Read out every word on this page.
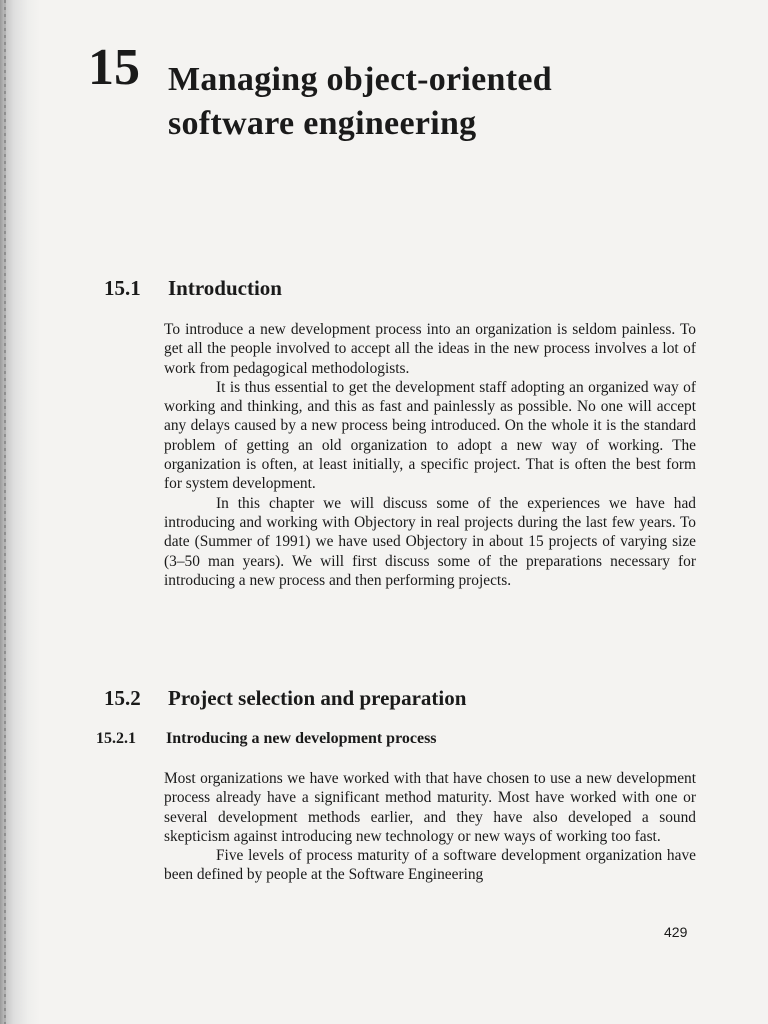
15 Managing object-oriented
software engineering
15.1 Introduction

To introduce a new development process into an organization is seldom painless. To get all the people involved to accept all the ideas in the new process involves a lot of work from pedagogical methodologists.

It is thus essential to get the development staff adopting an organized way of working and thinking, and this as fast and painlessly as possible. No one will accept any delays caused by a new process being introduced. On the whole it is the standard problem of getting an old organization to adopt a new way of working. The organization is often, at least initially, a specific project. That is often the best form for system development.

In this chapter we will discuss some of the experiences we have had introducing and working with Objectory in real projects during the last few years. To date (Summer of 1991) we have used Objectory in about 15 projects of varying size (3–50 man years). We will first discuss some of the preparations necessary for introducing a new process and then performing projects.

15.2 Project selection and preparation
15.2.1 Introducing a new development process

Most organizations we have worked with that have chosen to use a new development process already have a significant method maturity. Most have worked with one or several development methods earlier, and they have also developed a sound skepticism against introducing new technology or new ways of working too fast.

Five levels of process maturity of a software development organization have been defined by people at the Software Engineering

429
